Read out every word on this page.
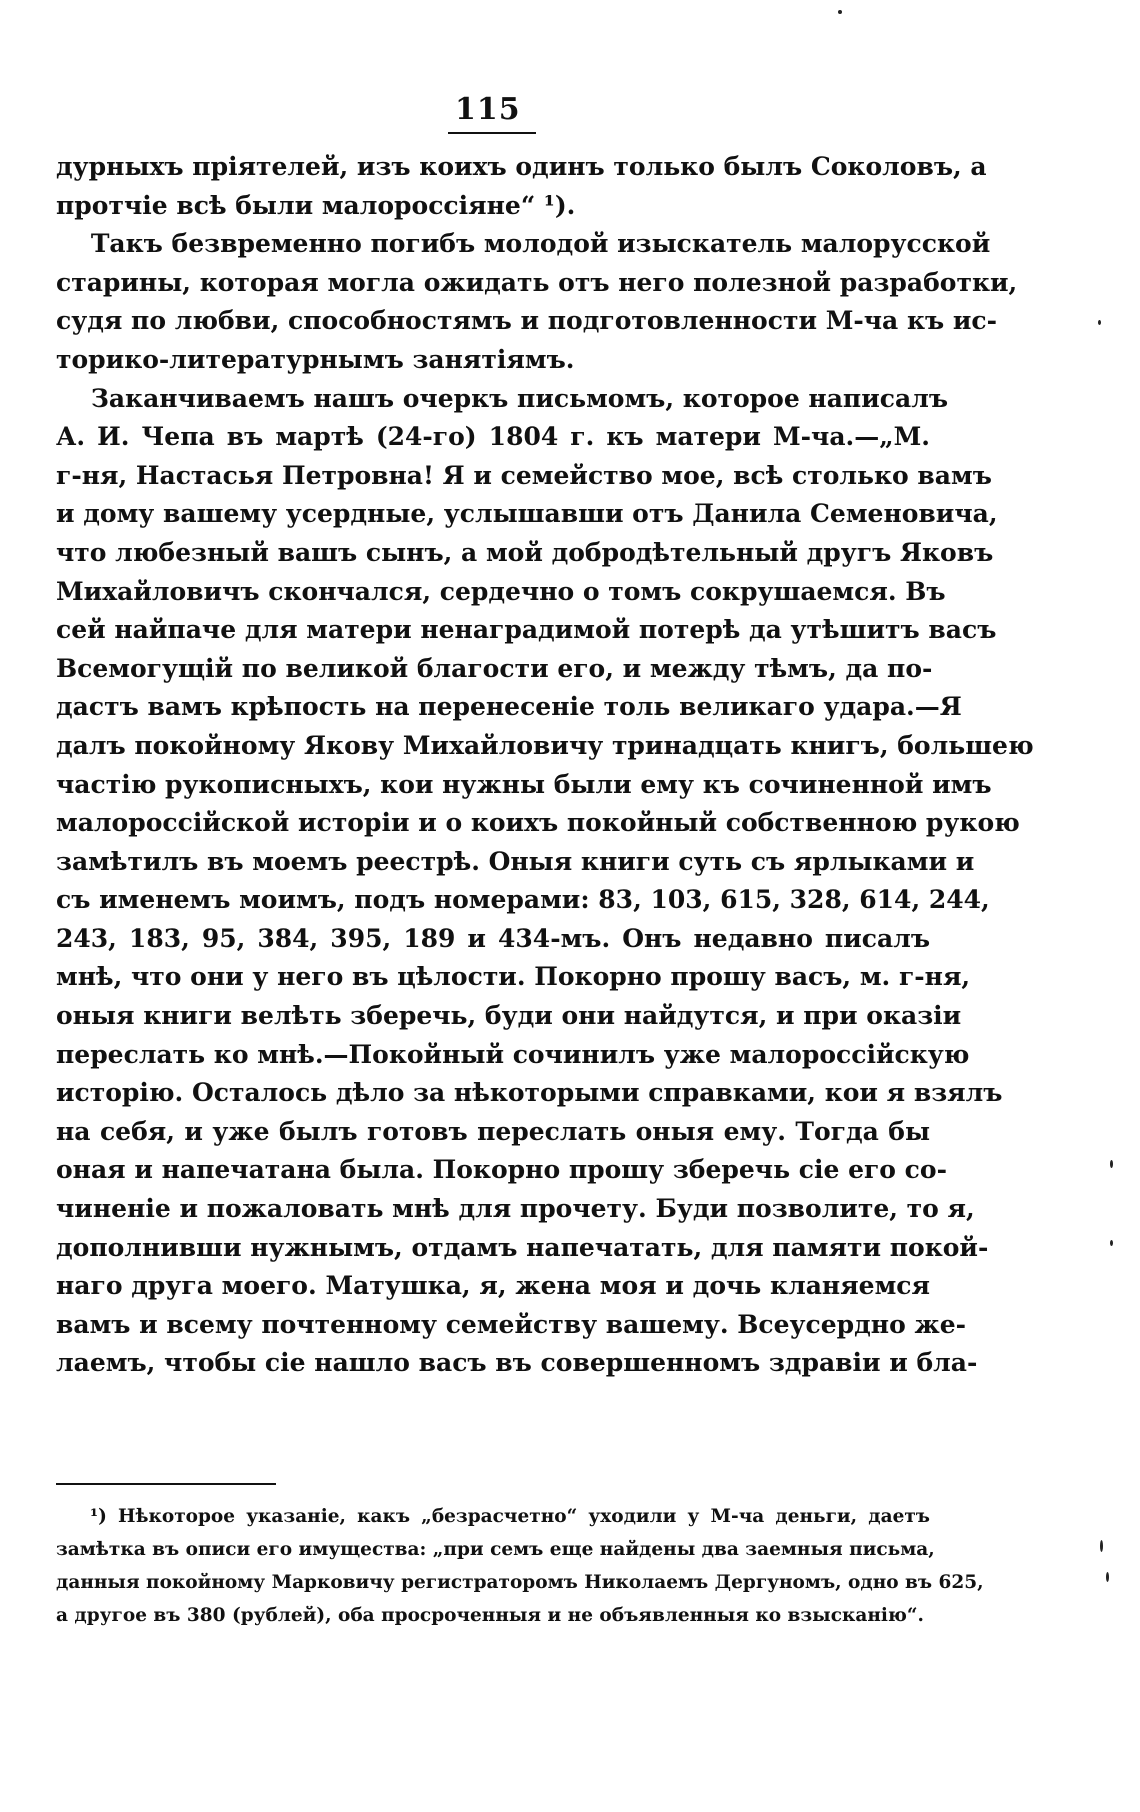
115
дурныхъ пріятелей, изъ коихъ одинъ только былъ Соколовъ, а
протчіе всѣ были малороссіяне“ ¹).
Такъ безвременно погибъ молодой изыскатель малорусской
старины, которая могла ожидать отъ него полезной разработки,
судя по любви, способностямъ и подготовленности М-ча къ ис-
торико-литературнымъ занятіямъ.
Заканчиваемъ нашъ очеркъ письмомъ, которое написалъ
А. И. Чепа въ мартѣ (24-го) 1804 г. къ матери М-ча.—„М.
г-ня, Настасья Петровна! Я и семейство мое, всѣ столько вамъ
и дому вашему усердные, услышавши отъ Данила Семеновича,
что любезный вашъ сынъ, а мой добродѣтельный другъ Яковъ
Михайловичъ скончался, сердечно о томъ сокрушаемся. Въ
сей найпаче для матери ненаградимой потерѣ да утѣшитъ васъ
Всемогущій по великой благости его, и между тѣмъ, да по-
дастъ вамъ крѣпость на перенесеніе толь великаго удара.—Я
далъ покойному Якову Михайловичу тринадцать книгъ, большею
частію рукописныхъ, кои нужны были ему къ сочиненной имъ
малороссійской исторіи и о коихъ покойный собственною рукою
замѣтилъ въ моемъ реестрѣ. Оныя книги суть съ ярлыками и
съ именемъ моимъ, подъ номерами: 83, 103, 615, 328, 614, 244,
243, 183, 95, 384, 395, 189 и 434-мъ. Онъ недавно писалъ
мнѣ, что они у него въ цѣлости. Покорно прошу васъ, м. г-ня,
оныя книги велѣть зберечь, буди они найдутся, и при оказіи
переслать ко мнѣ.—Покойный сочинилъ уже малороссійскую
исторію. Осталось дѣло за нѣкоторыми справками, кои я взялъ
на себя, и уже былъ готовъ переслать оныя ему. Тогда бы
оная и напечатана была. Покорно прошу зберечь сіе его со-
чиненіе и пожаловать мнѣ для прочету. Буди позволите, то я,
дополнивши нужнымъ, отдамъ напечатать, для памяти покой-
наго друга моего. Матушка, я, жена моя и дочь кланяемся
вамъ и всему почтенному семейству вашему. Всеусердно же-
лаемъ, чтобы сіе нашло васъ въ совершенномъ здравіи и бла-
¹) Нѣкоторое указаніе, какъ „безрасчетно“ уходили у М-ча деньги, даетъ
замѣтка въ описи его имущества: „при семъ еще найдены два заемныя письма,
данныя покойному Марковичу регистраторомъ Николаемъ Дергуномъ, одно въ 625,
а другое въ 380 (рублей), оба просроченныя и не объявленныя ко взысканію“.
